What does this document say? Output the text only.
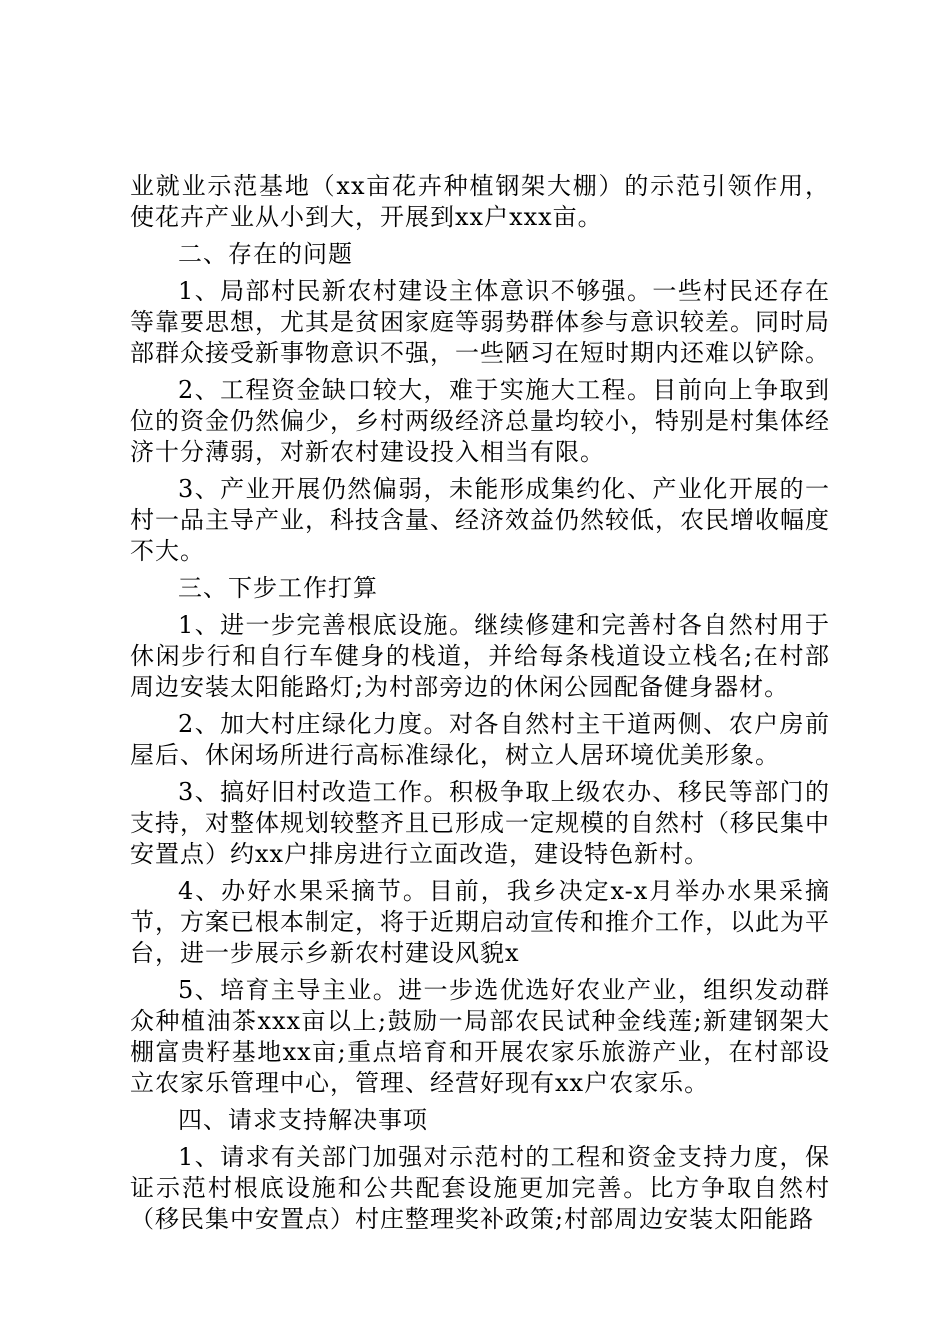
业就业示范基地（xx亩花卉种植钢架大棚）的示范引领作用，使花卉产业从小到大，开展到xx户xxx亩。

二、存在的问题

1、局部村民新农村建设主体意识不够强。一些村民还存在等靠要思想，尤其是贫困家庭等弱势群体参与意识较差。同时局部群众接受新事物意识不强，一些陋习在短时期内还难以铲除。

2、工程资金缺口较大，难于实施大工程。目前向上争取到位的资金仍然偏少，乡村两级经济总量均较小，特别是村集体经济十分薄弱，对新农村建设投入相当有限。

3、产业开展仍然偏弱，未能形成集约化、产业化开展的一村一品主导产业，科技含量、经济效益仍然较低，农民增收幅度不大。

三、下步工作打算

1、进一步完善根底设施。继续修建和完善村各自然村用于休闲步行和自行车健身的栈道，并给每条栈道设立栈名;在村部周边安装太阳能路灯;为村部旁边的休闲公园配备健身器材。

2、加大村庄绿化力度。对各自然村主干道两侧、农户房前屋后、休闲场所进行高标准绿化，树立人居环境优美形象。

3、搞好旧村改造工作。积极争取上级农办、移民等部门的支持，对整体规划较整齐且已形成一定规模的自然村（移民集中安置点）约xx户排房进行立面改造，建设特色新村。

4、办好水果采摘节。目前，我乡决定x-x月举办水果采摘节，方案已根本制定，将于近期启动宣传和推介工作，以此为平台，进一步展示乡新农村建设风貌x

5、培育主导主业。进一步选优选好农业产业，组织发动群众种植油茶xxx亩以上;鼓励一局部农民试种金线莲;新建钢架大棚富贵籽基地xx亩;重点培育和开展农家乐旅游产业，在村部设立农家乐管理中心，管理、经营好现有xx户农家乐。

四、请求支持解决事项

1、请求有关部门加强对示范村的工程和资金支持力度，保证示范村根底设施和公共配套设施更加完善。比方争取自然村（移民集中安置点）村庄整理奖补政策;村部周边安装太阳能路
